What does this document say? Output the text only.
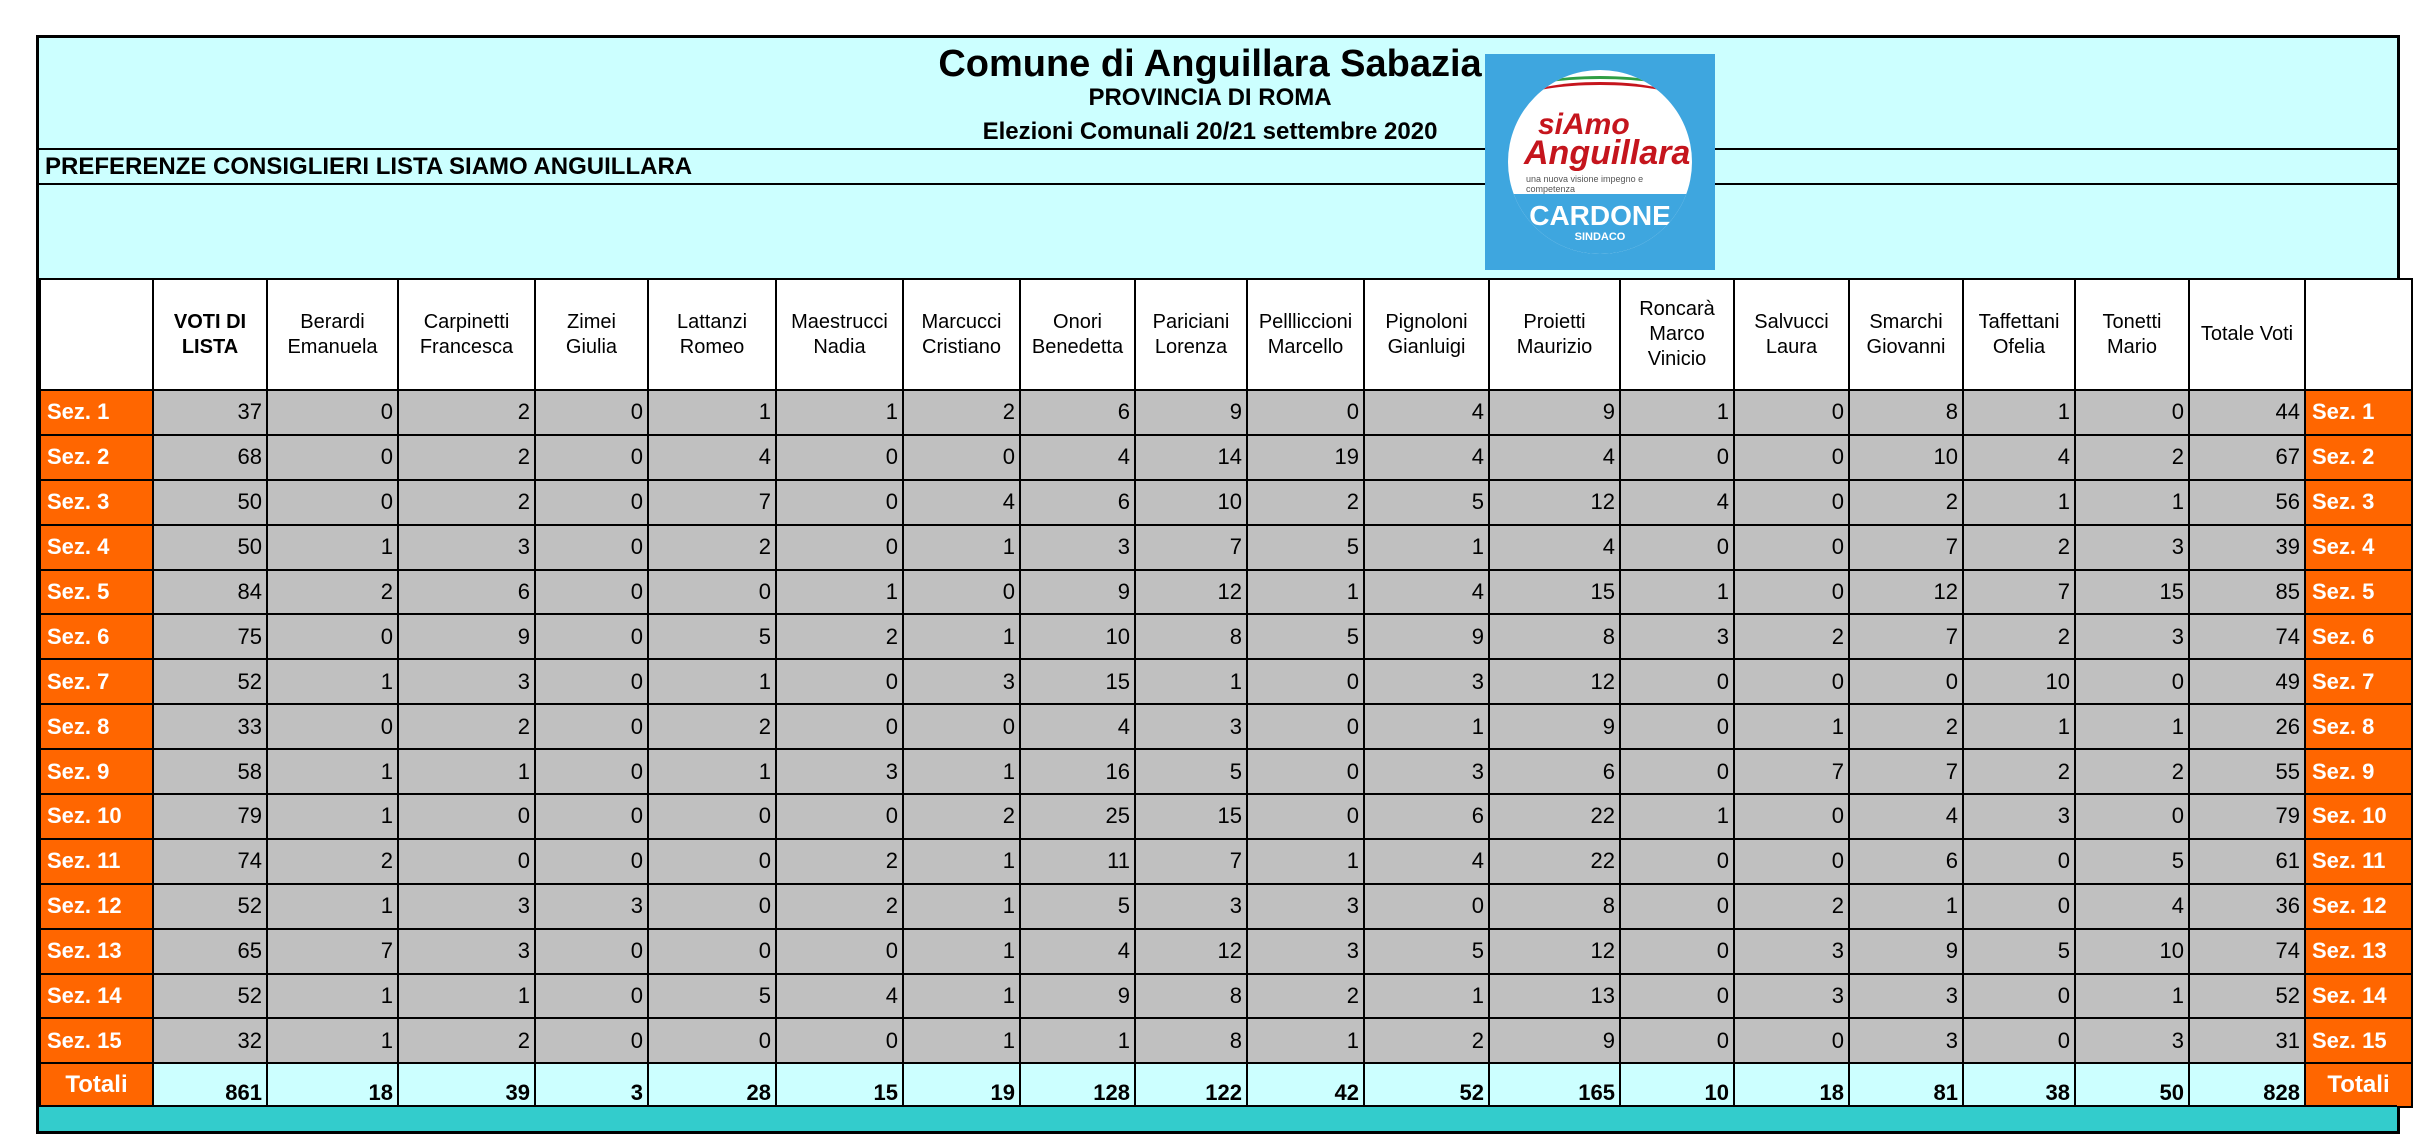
Comune di Anguillara Sabazia
PROVINCIA DI ROMA
Elezioni Comunali 20/21 settembre 2020
PREFERENZE CONSIGLIERI LISTA SIAMO ANGUILLARA
siAmo
Anguillara
una nuova visione impegno e competenza
CARDONE
SINDACO
	VOTI DI LISTA	Berardi Emanuela	Carpinetti Francesca	Zimei Giulia	Lattanzi Romeo	Maestrucci Nadia	Marcucci Cristiano	Onori Benedetta	Pariciani Lorenza	Pellliccioni Marcello	Pignoloni Gianluigi	Proietti Maurizio	Roncarà Marco Vinicio	Salvucci Laura	Smarchi Giovanni	Taffettani Ofelia	Tonetti Mario	Totale Voti	
Sez. 1	37	0	2	0	1	1	2	6	9	0	4	9	1	0	8	1	0	44	Sez. 1
Sez. 2	68	0	2	0	4	0	0	4	14	19	4	4	0	0	10	4	2	67	Sez. 2
Sez. 3	50	0	2	0	7	0	4	6	10	2	5	12	4	0	2	1	1	56	Sez. 3
Sez. 4	50	1	3	0	2	0	1	3	7	5	1	4	0	0	7	2	3	39	Sez. 4
Sez. 5	84	2	6	0	0	1	0	9	12	1	4	15	1	0	12	7	15	85	Sez. 5
Sez. 6	75	0	9	0	5	2	1	10	8	5	9	8	3	2	7	2	3	74	Sez. 6
Sez. 7	52	1	3	0	1	0	3	15	1	0	3	12	0	0	0	10	0	49	Sez. 7
Sez. 8	33	0	2	0	2	0	0	4	3	0	1	9	0	1	2	1	1	26	Sez. 8
Sez. 9	58	1	1	0	1	3	1	16	5	0	3	6	0	7	7	2	2	55	Sez. 9
Sez. 10	79	1	0	0	0	0	2	25	15	0	6	22	1	0	4	3	0	79	Sez. 10
Sez. 11	74	2	0	0	0	2	1	11	7	1	4	22	0	0	6	0	5	61	Sez. 11
Sez. 12	52	1	3	3	0	2	1	5	3	3	0	8	0	2	1	0	4	36	Sez. 12
Sez. 13	65	7	3	0	0	0	1	4	12	3	5	12	0	3	9	5	10	74	Sez. 13
Sez. 14	52	1	1	0	5	4	1	9	8	2	1	13	0	3	3	0	1	52	Sez. 14
Sez. 15	32	1	2	0	0	0	1	1	8	1	2	9	0	0	3	0	3	31	Sez. 15
Totali	861	18	39	3	28	15	19	128	122	42	52	165	10	18	81	38	50	828	Totali
